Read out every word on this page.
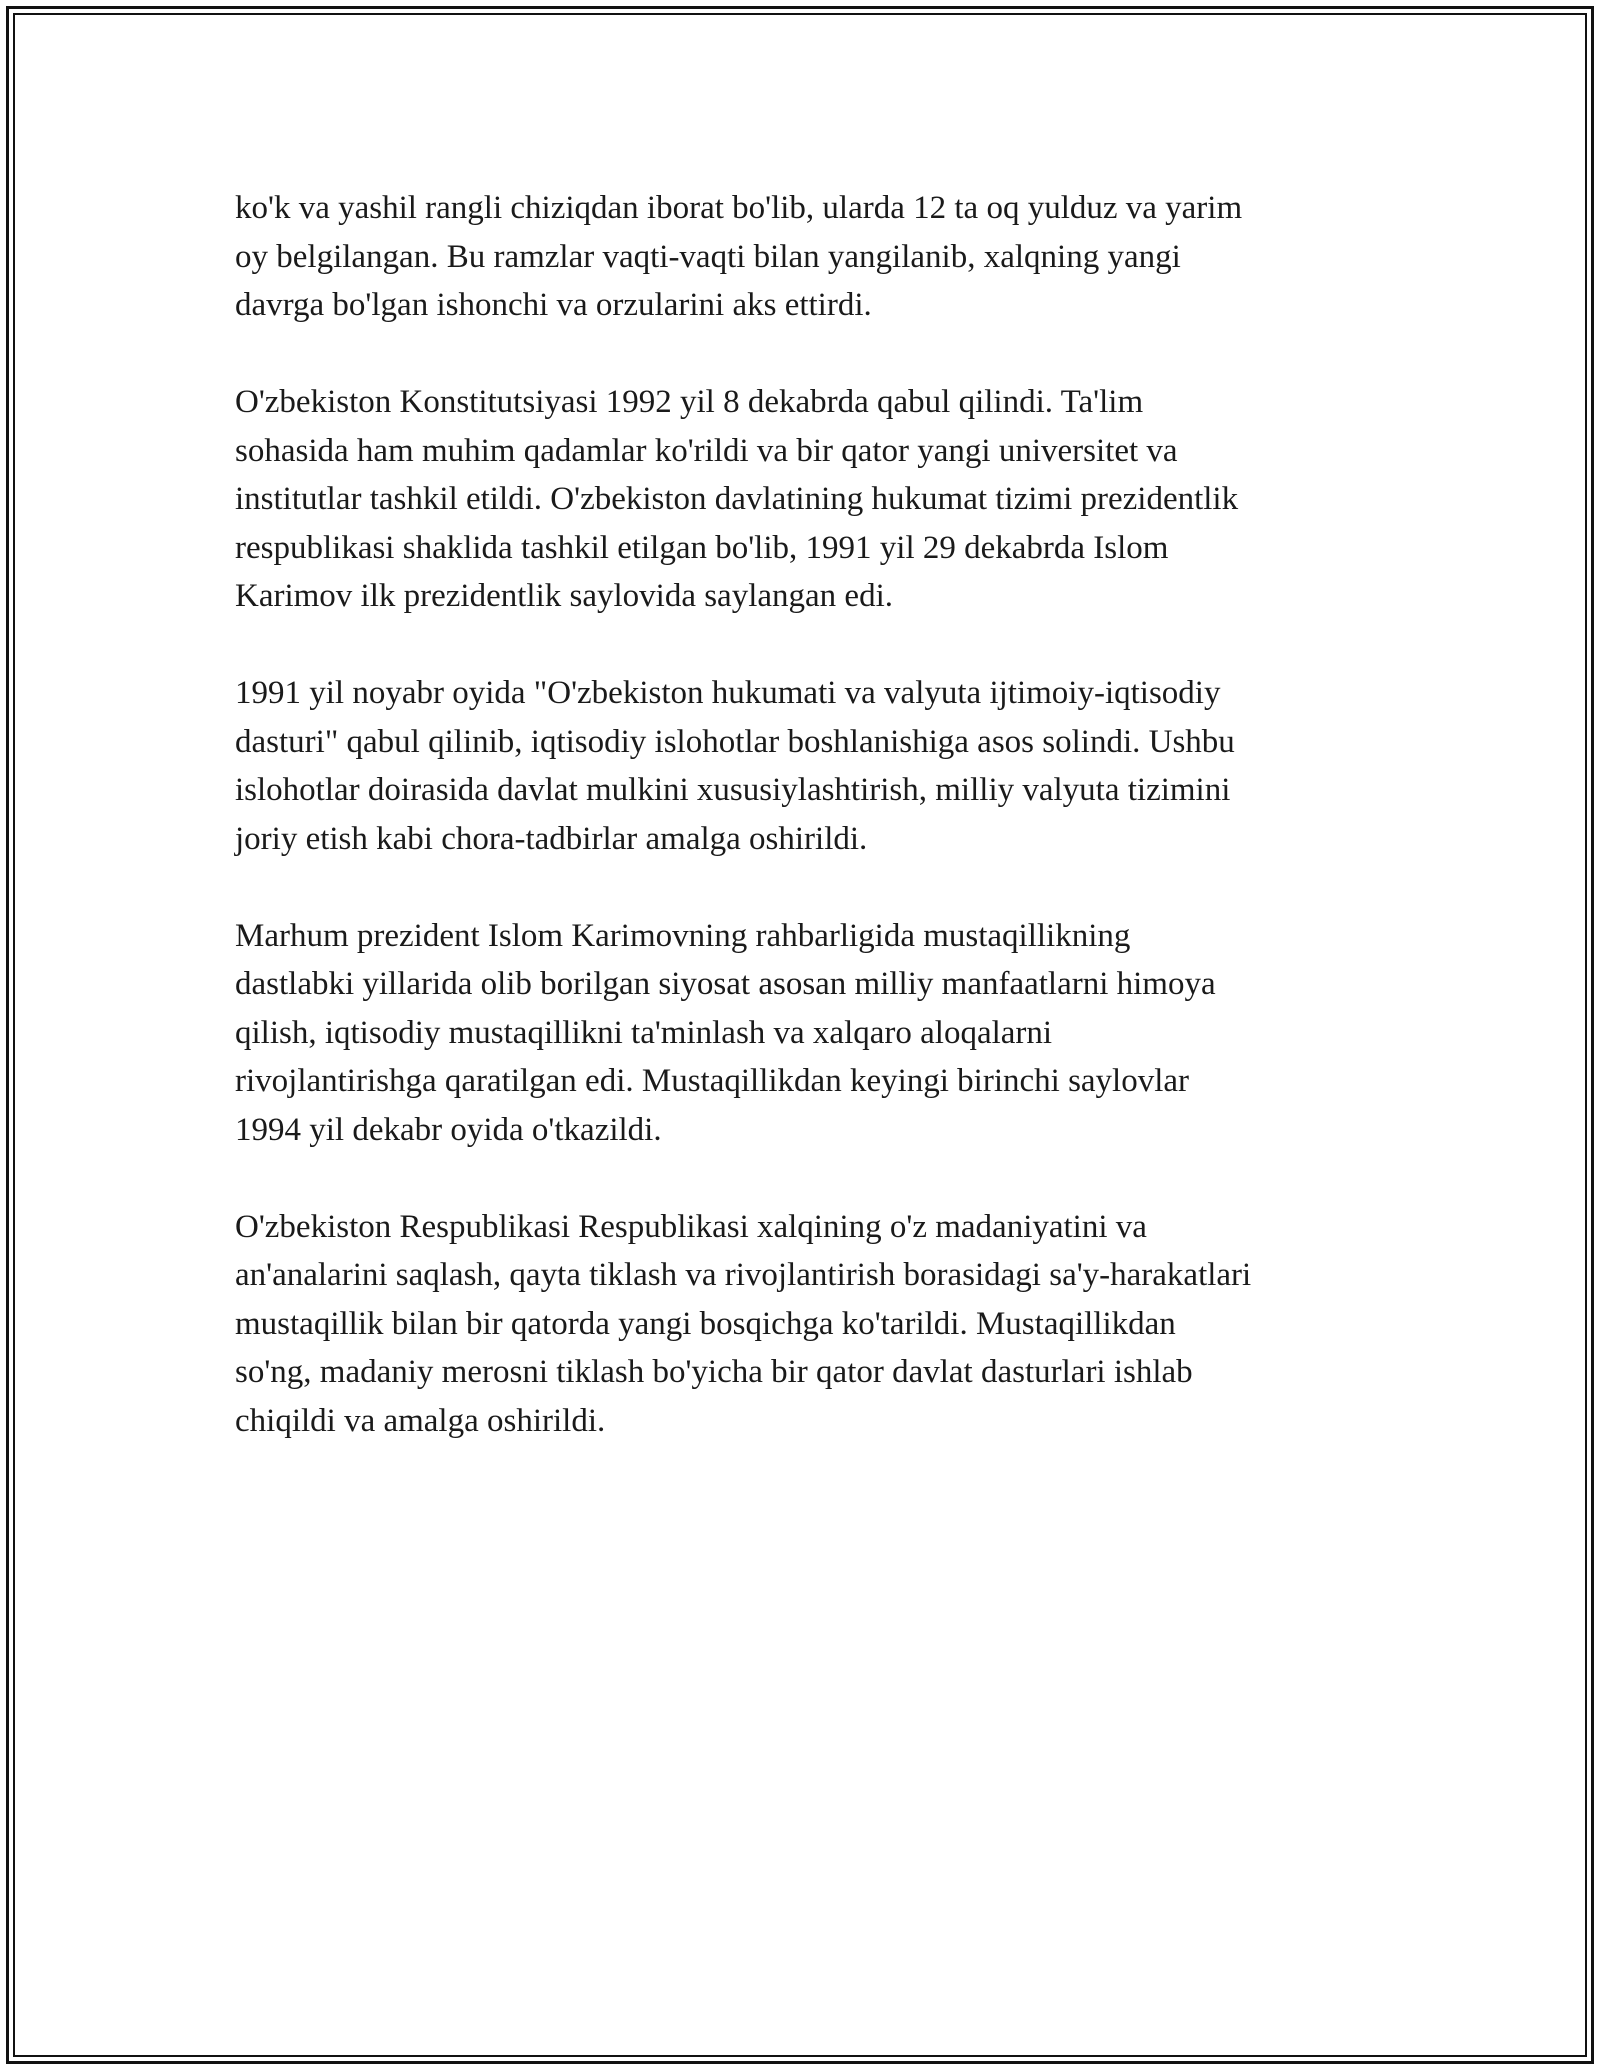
ko'k va yashil rangli chiziqdan iborat bo'lib, ularda 12 ta oq yulduz va yarim
oy belgilangan. Bu ramzlar vaqti-vaqti bilan yangilanib, xalqning yangi
davrga bo'lgan ishonchi va orzularini aks ettirdi.

O'zbekiston Konstitutsiyasi 1992 yil 8 dekabrda qabul qilindi. Ta'lim
sohasida ham muhim qadamlar ko'rildi va bir qator yangi universitet va
institutlar tashkil etildi. O'zbekiston davlatining hukumat tizimi prezidentlik
respublikasi shaklida tashkil etilgan bo'lib, 1991 yil 29 dekabrda Islom
Karimov ilk prezidentlik saylovida saylangan edi.

1991 yil noyabr oyida "O'zbekiston hukumati va valyuta ijtimoiy-iqtisodiy
dasturi" qabul qilinib, iqtisodiy islohotlar boshlanishiga asos solindi. Ushbu
islohotlar doirasida davlat mulkini xususiylashtirish, milliy valyuta tizimini
joriy etish kabi chora-tadbirlar amalga oshirildi.

Marhum prezident Islom Karimovning rahbarligida mustaqillikning
dastlabki yillarida olib borilgan siyosat asosan milliy manfaatlarni himoya
qilish, iqtisodiy mustaqillikni ta'minlash va xalqaro aloqalarni
rivojlantirishga qaratilgan edi. Mustaqillikdan keyingi birinchi saylovlar
1994 yil dekabr oyida o'tkazildi.

O'zbekiston Respublikasi Respublikasi xalqining o'z madaniyatini va
an'analarini saqlash, qayta tiklash va rivojlantirish borasidagi sa'y-harakatlari
mustaqillik bilan bir qatorda yangi bosqichga ko'tarildi. Mustaqillikdan
so'ng, madaniy merosni tiklash bo'yicha bir qator davlat dasturlari ishlab
chiqildi va amalga oshirildi.
